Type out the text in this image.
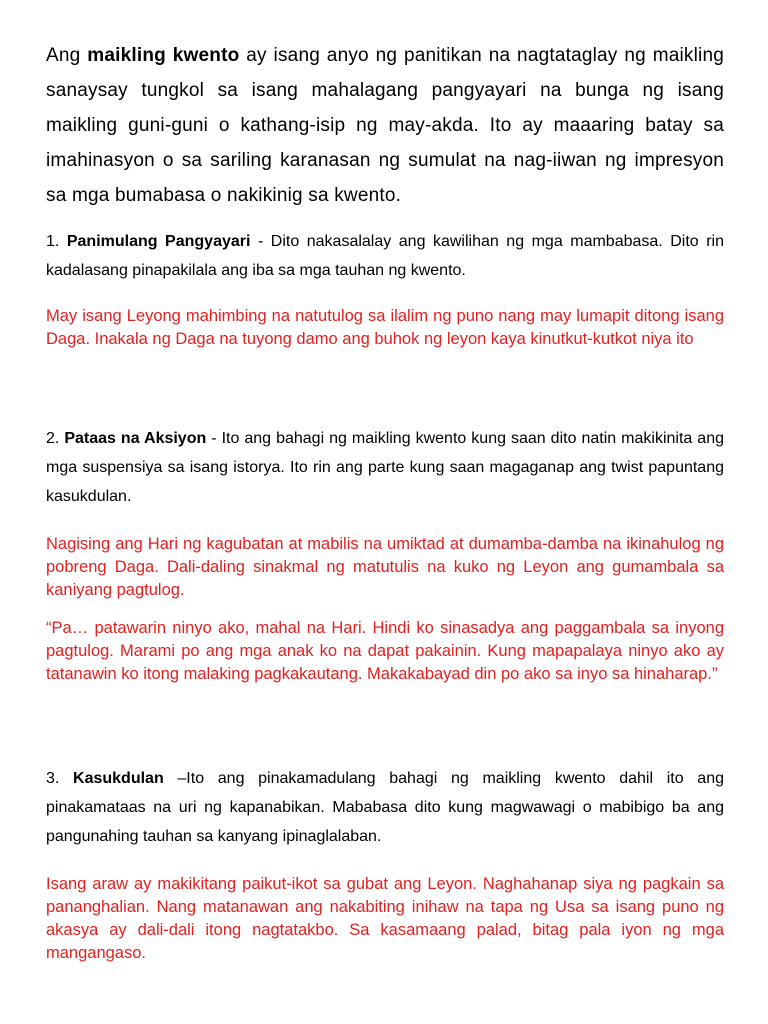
Ang maikling kwento ay isang anyo ng panitikan na nagtataglay ng maikling sanaysay tungkol sa isang mahalagang pangyayari na bunga ng isang maikling guni-guni o kathang-isip ng may-akda. Ito ay maaaring batay sa imahinasyon o sa sariling karanasan ng sumulat na nag-iiwan ng impresyon sa mga bumabasa o nakikinig sa kwento.

1. Panimulang Pangyayari - Dito nakasalalay ang kawilihan ng mga mambabasa. Dito rin kadalasang pinapakilala ang iba sa mga tauhan ng kwento.

May isang Leyong mahimbing na natutulog sa ilalim ng puno nang may lumapit ditong isang Daga. Inakala ng Daga na tuyong damo ang buhok ng leyon kaya kinutkut-kutkot niya ito

2. Pataas na Aksiyon - Ito ang bahagi ng maikling kwento kung saan dito natin makikinita ang mga suspensiya sa isang istorya. Ito rin ang parte kung saan magaganap ang twist papuntang kasukdulan.

Nagising ang Hari ng kagubatan at mabilis na umiktad at dumamba-damba na ikinahulog ng pobreng Daga. Dali-daling sinakmal ng matutulis na kuko ng Leyon ang gumambala sa kaniyang pagtulog.

“Pa… patawarin ninyo ako, mahal na Hari. Hindi ko sinasadya ang paggambala sa inyong pagtulog. Marami po ang mga anak ko na dapat pakainin. Kung mapapalaya ninyo ako ay tatanawin ko itong malaking pagkakautang. Makakabayad din po ako sa inyo sa hinaharap.”

3. Kasukdulan –Ito ang pinakamadulang bahagi ng maikling kwento dahil ito ang pinakamataas na uri ng kapanabikan. Mababasa dito kung magwawagi o mabibigo ba ang pangunahing tauhan sa kanyang ipinaglalaban.

Isang araw ay makikitang paikut-ikot sa gubat ang Leyon. Naghahanap siya ng pagkain sa pananghalian. Nang matanawan ang nakabiting inihaw na tapa ng Usa sa isang puno ng akasya ay dali-dali itong nagtatakbo. Sa kasamaang palad, bitag pala iyon ng mga mangangaso.
